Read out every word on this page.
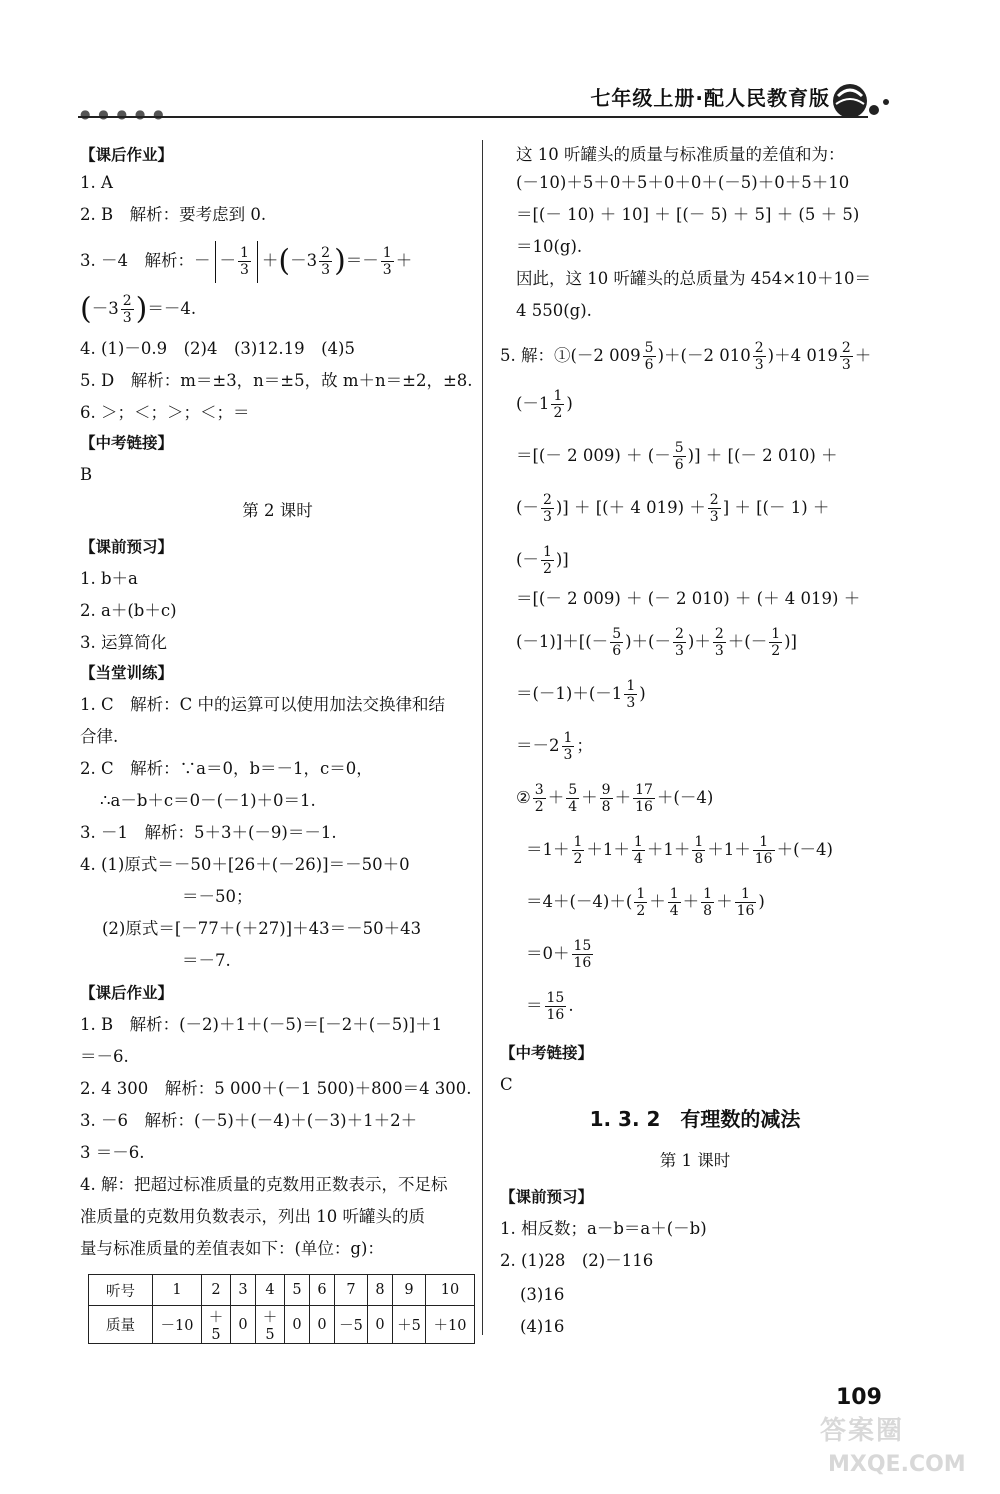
七年级上册·配人民教育版
● ● ● ● ●
【课后作业】
1. A
2. B　解析：要考虑到 0.
3. －4　解析：－ － $\frac{1}{3} +(-3 \frac{2}{3}$ )＝－ $\frac{1}{3}$ ＋
$(-3 \frac{2}{3} )=-4$.
4. (1)－0.9　(2)4　(3)12.19　(4)5
5. D　解析：m＝±3，n＝±5，故 m＋n＝±2，±8.
6. ＞；＜；＞；＜；＝
【中考链接】
B
第 2 课时
【课前预习】
1. b＋a
2. a＋(b＋c)
3. 运算简化
【当堂训练】
1. C　解析：C 中的运算可以使用加法交换律和结
合律.
2. C　解析：∵a＝0，b＝－1，c＝0，
∴a－b＋c＝0－(－1)＋0＝1.
3. －1　解析：5＋3＋(－9)＝－1.
4. (1)原式＝－50＋[26＋(－26)]＝－50＋0
＝－50；
(2)原式＝[－77＋(＋27)]＋43＝－50＋43
＝－7.
【课后作业】
1. B　解析：(－2)＋1＋(－5)＝[－2＋(－5)]＋1
＝－6.
2. 4 300　解析：5 000＋(－1 500)＋800＝4 300.
3. －6　解析：(－5)＋(－4)＋(－3)＋1＋2＋
3 ＝－6.
4. 解：把超过标准质量的克数用正数表示，不足标
准质量的克数用负数表示，列出 10 听罐头的质
量与标准质量的差值表如下：(单位：g)：
听号	1	2	3	4	5	6	7	8	9	10
质量	－10	＋5	0	＋5	0	0	－5	0	＋5	＋10
这 10 听罐头的质量与标准质量的差值和为：
(－10)＋5＋0＋5＋0＋0＋(－5)＋0＋5＋10
＝[(－ 10) ＋ 10] ＋ [(－ 5) ＋ 5] ＋ (5 ＋ 5)
＝10(g).
因此，这 10 听罐头的总质量为 454×10＋10＝
4 550(g).
5. 解：①(－2 $009 \frac{5}{6} )+(-2$ $010 \frac{2}{3} )+4$ $019 \frac{2}{3}$ ＋
($-1 \frac{1}{2}$ )
＝[(－ 2 009) ＋ (－ $\frac{5}{6}$ )] ＋ [(－ 2 010) ＋
(－ $\frac{2}{3}$ )] ＋ [(＋ 4 $019) + \frac{2}{3}$ ] ＋ [(－ 1) ＋
(－ $\frac{1}{2}$ )]
＝[(－ 2 009) ＋ (－ 2 010) ＋ (＋ 4 019) ＋
$(-1)]+[(- \frac{5}{6}$ )＋(－ $\frac{2}{3}$ )＋ $\frac{2}{3}$ ＋(－ $\frac{1}{2}$ )]
$=(-1)+(-1 \frac{1}{3}$ )
$=-2 \frac{1}{3}$ ；
② $\frac{3}{2} + \frac{5}{4} + \frac{9}{8} + \frac{17}{16} +(-4)$
$=1+ \frac{1}{2} +1+ \frac{1}{4} +1+ \frac{1}{8} +1+ \frac{1}{16} +(-4)$
$=4+(-4)+( \frac{1}{2} + \frac{1}{4} + \frac{1}{8} + \frac{1}{16}$ )
$=0+ \frac{15}{16}$
＝ $\frac{15}{16}$ .
【中考链接】
C
1. 3. 2　有理数的减法
第 1 课时
【课前预习】
1. 相反数；a－b＝a＋(－b)
2. (1)28　(2)－116
(3)16
(4)16
109
答案圈
MXQE.COM
